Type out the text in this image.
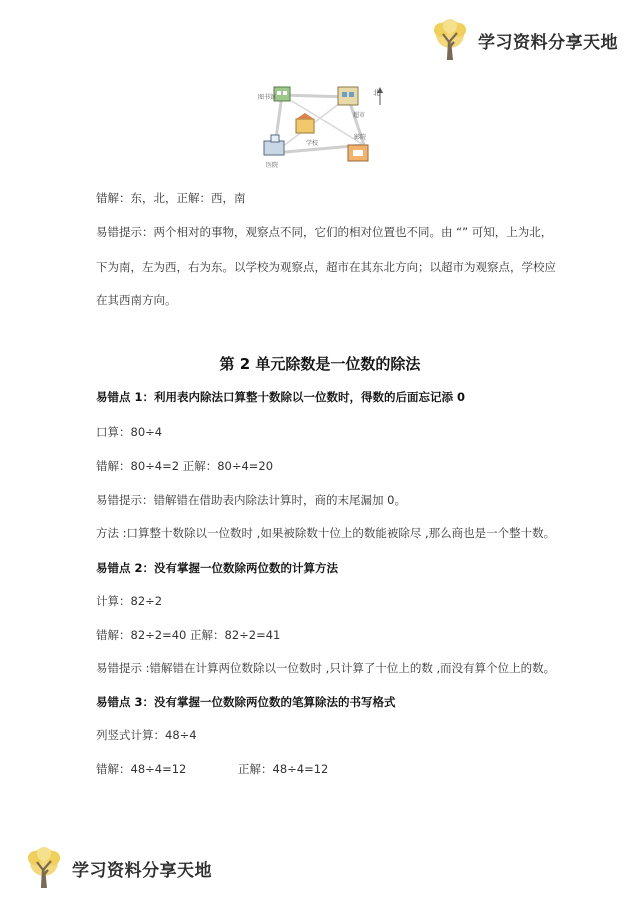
学习资料分享天地
图书馆
超市
学校
医院
影院
北
错解：东，北，正解：西，南
易错提示：两个相对的事物，观察点不同，它们的相对位置也不同。由 “” 可知，上为北，
下为南，左为西，右为东。以学校为观察点，超市在其东北方向；以超市为观察点，学校应
在其西南方向。
第 2 单元除数是一位数的除法
易错点 1：利用表内除法口算整十数除以一位数时，得数的后面忘记添 0
口算：80÷4
错解：80÷4=2 正解：80÷4=20
易错提示：错解错在借助表内除法计算时，商的末尾漏加 0。
方法 :口算整十数除以一位数时 ,如果被除数十位上的数能被除尽 ,那么商也是一个整十数。
易错点 2：没有掌握一位数除两位数的计算方法
计算：82÷2
错解：82÷2=40 正解：82÷2=41
易错提示 :错解错在计算两位数除以一位数时 ,只计算了十位上的数 ,而没有算个位上的数。
易错点 3：没有掌握一位数除两位数的笔算除法的书写格式
列竖式计算：48÷4
错解：48÷4=12	正解：48÷4=12
学习资料分享天地
